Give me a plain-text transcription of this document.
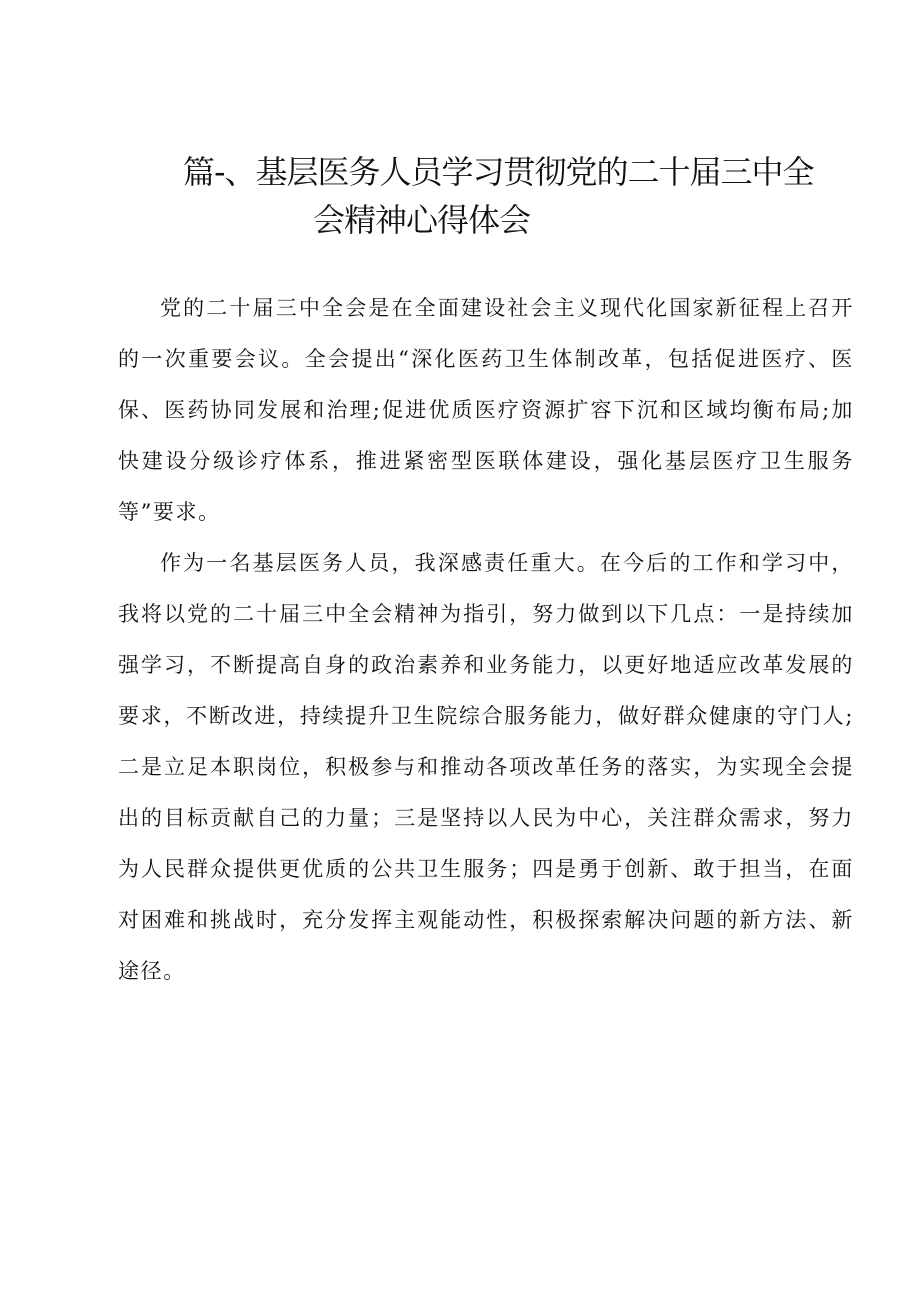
篇-、基层医务人员学习贯彻党的二十届三中全
会精神心得体会

党的二十届三中全会是在全面建设社会主义现代化国家新征程上召开的一次重要会议。全会提出“深化医药卫生体制改革，包括促进医疗、医保、医药协同发展和治理;促进优质医疗资源扩容下沉和区域均衡布局;加快建设分级诊疗体系，推进紧密型医联体建设，强化基层医疗卫生服务等”要求。

作为一名基层医务人员，我深感责任重大。在今后的工作和学习中，我将以党的二十届三中全会精神为指引，努力做到以下几点：一是持续加强学习，不断提高自身的政治素养和业务能力，以更好地适应改革发展的要求，不断改进，持续提升卫生院综合服务能力，做好群众健康的守门人;二是立足本职岗位，积极参与和推动各项改革任务的落实，为实现全会提出的目标贡献自己的力量；三是坚持以人民为中心，关注群众需求，努力为人民群众提供更优质的公共卫生服务；四是勇于创新、敢于担当，在面对困难和挑战时，充分发挥主观能动性，积极探索解决问题的新方法、新途径。
